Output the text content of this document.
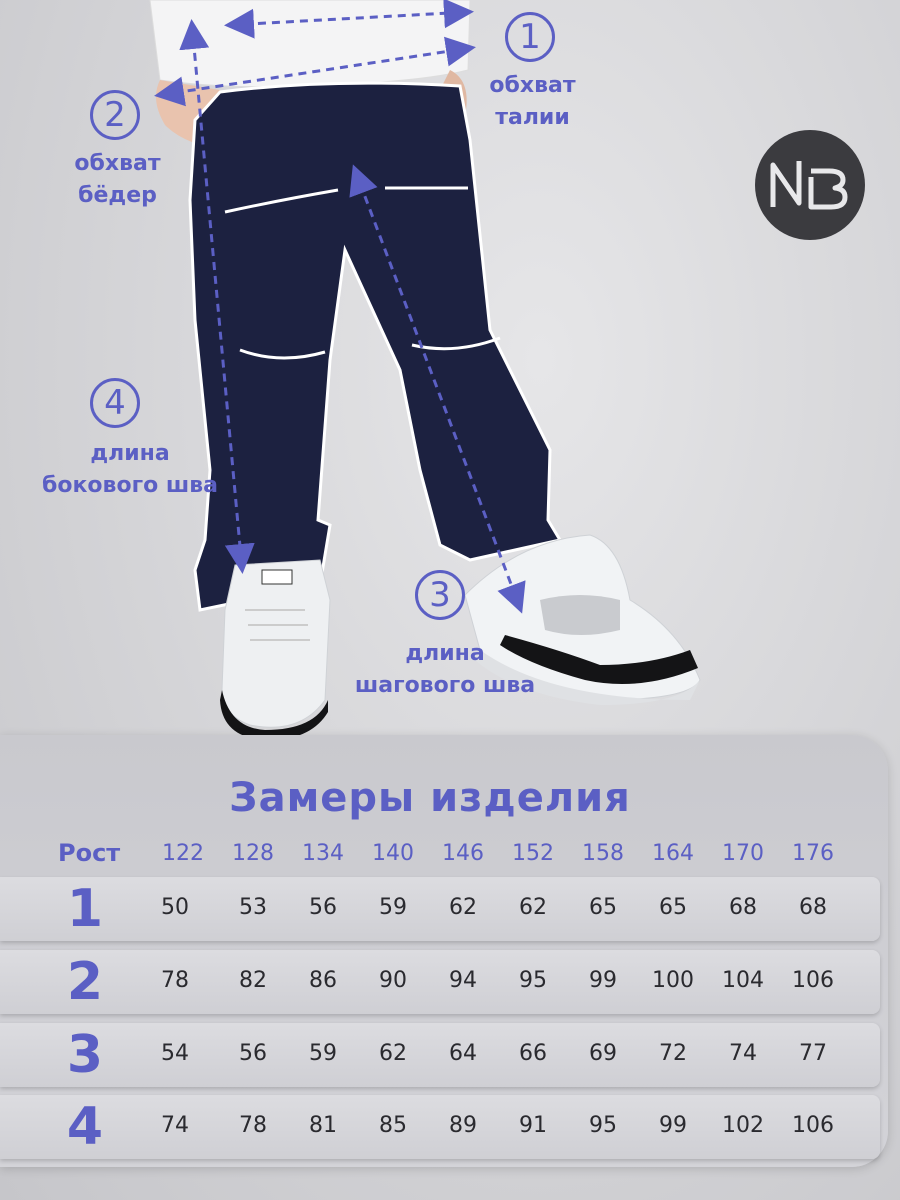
1
обхват
талии
2
обхват
бёдер
3
длина
шагового шва
4
длина
бокового шва
Замеры изделия
Рост	122	128	134	140	146	152	158	164	170	176
1	50	53	56	59	62	62	65	65	68	68
2	78	82	86	90	94	95	99	100	104	106
3	54	56	59	62	64	66	69	72	74	77
4	74	78	81	85	89	91	95	99	102	106
